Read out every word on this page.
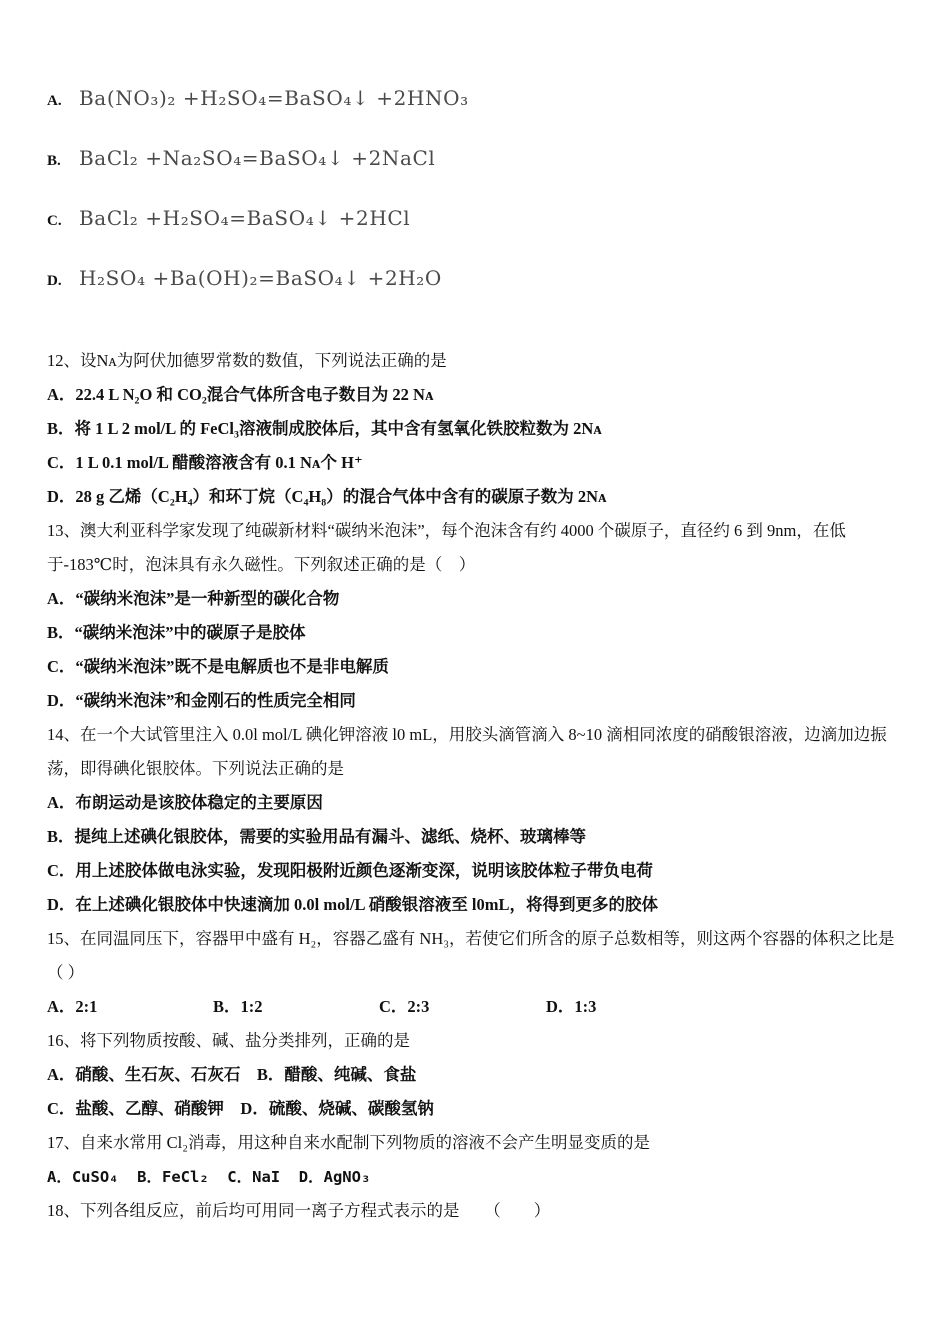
A. Ba(NO₃)₂ +H₂SO₄=BaSO₄↓ +2HNO₃
B. BaCl₂ +Na₂SO₄=BaSO₄↓ +2NaCl
C. BaCl₂ +H₂SO₄=BaSO₄↓ +2HCl
D. H₂SO₄ +Ba(OH)₂=BaSO₄↓ +2H₂O
12、设Nᴀ为阿伏加德罗常数的数值，下列说法正确的是
A．22.4 L N₂O 和 CO₂混合气体所含电子数目为 22 Nᴀ
B．将 1 L 2 mol/L 的 FeCl₃溶液制成胶体后，其中含有氢氧化铁胶粒数为 2Nᴀ
C．1 L 0.1 mol/L 醋酸溶液含有 0.1 Nᴀ个 H⁺
D．28 g 乙烯（C₂H₄）和环丁烷（C₄H₈）的混合气体中含有的碳原子数为 2Nᴀ
13、澳大利亚科学家发现了纯碳新材料“碳纳米泡沫”，每个泡沫含有约 4000 个碳原子，直径约 6 到 9nm，在低于-183℃时，泡沫具有永久磁性。下列叙述正确的是（　）
A．“碳纳米泡沫”是一种新型的碳化合物
B．“碳纳米泡沫”中的碳原子是胶体
C．“碳纳米泡沫”既不是电解质也不是非电解质
D．“碳纳米泡沫”和金刚石的性质完全相同
14、在一个大试管里注入 0.0l mol/L 碘化钾溶液 l0 mL，用胶头滴管滴入 8~10 滴相同浓度的硝酸银溶液，边滴加边振荡，即得碘化银胶体。下列说法正确的是
A．布朗运动是该胶体稳定的主要原因
B．提纯上述碘化银胶体，需要的实验用品有漏斗、滤纸、烧杯、玻璃棒等
C．用上述胶体做电泳实验，发现阳极附近颜色逐渐变深，说明该胶体粒子带负电荷
D．在上述碘化银胶体中快速滴加 0.0l mol/L 硝酸银溶液至 l0mL，将得到更多的胶体
15、在同温同压下，容器甲中盛有 H₂，容器乙盛有 NH₃，若使它们所含的原子总数相等，则这两个容器的体积之比是 （ ）
A．2:1	B．1:2	C．2:3	D．1:3
16、将下列物质按酸、碱、盐分类排列，正确的是
A．硝酸、生石灰、石灰石　B．醋酸、纯碱、食盐
C．盐酸、乙醇、硝酸钾　D．硫酸、烧碱、碳酸氢钠
17、自来水常用 Cl₂消毒，用这种自来水配制下列物质的溶液不会产生明显变质的是
A．CuSO₄  B．FeCl₂  C．NaI  D．AgNO₃
18、下列各组反应，前后均可用同一离子方程式表示的是　　（　　）
